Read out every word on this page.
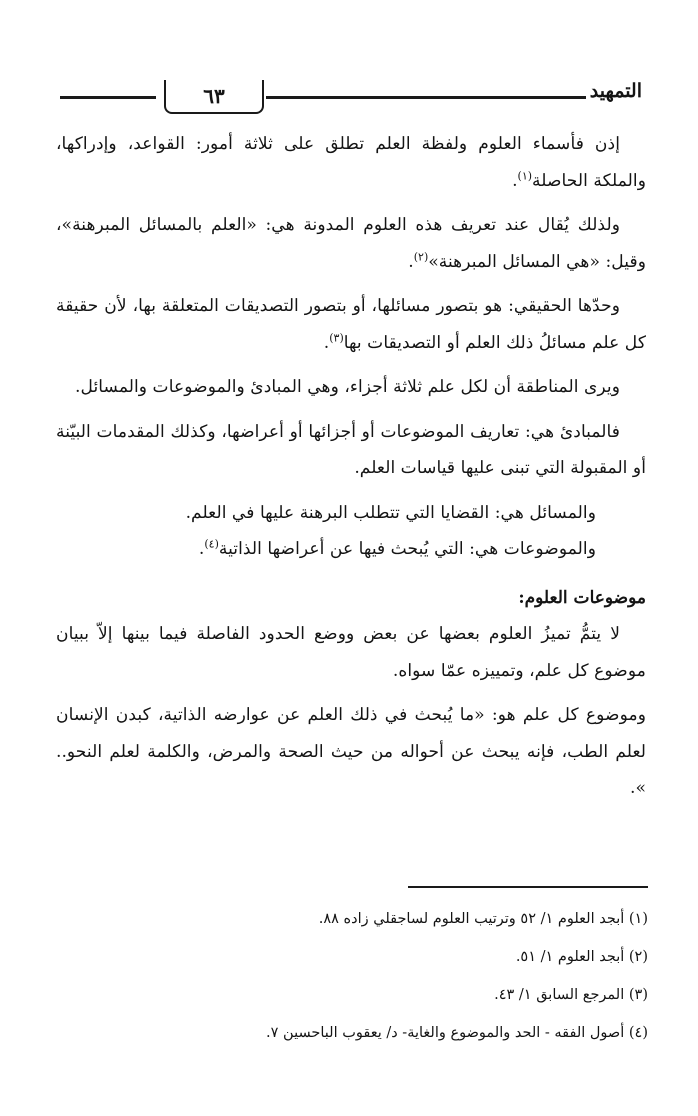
٦٣	التمهيد

إذن فأسماء العلوم ولفظة العلم تطلق على ثلاثة أمور: القواعد، وإدراكها، والملكة الحاصلة$^{(١)}$.

ولذلك يُقال عند تعريف هذه العلوم المدونة هي: «العلم بالمسائل المبرهنة»، وقيل: «هي المسائل المبرهنة»$^{(٢)}$.

وحدّها الحقيقي: هو بتصور مسائلها، أو بتصور التصديقات المتعلقة بها، لأن حقيقة كل علم مسائلُ ذلك العلم أو التصديقات بها$^{(٣)}$.

ويرى المناطقة أن لكل علم ثلاثة أجزاء، وهي المبادئ والموضوعات والمسائل.

فالمبادئ هي: تعاريف الموضوعات أو أجزائها أو أعراضها، وكذلك المقدمات البيّنة أو المقبولة التي تبنى عليها قياسات العلم.

والمسائل هي: القضايا التي تتطلب البرهنة عليها في العلم.

والموضوعات هي: التي يُبحث فيها عن أعراضها الذاتية$^{(٤)}$.

موضوعات العلوم:

لا يتمُّ تميزُ العلوم بعضها عن بعض ووضع الحدود الفاصلة فيما بينها إلاّ ببيان موضوع كل علم، وتمييزه عمّا سواه.

وموضوع كل علم هو: «ما يُبحث في ذلك العلم عن عوارضه الذاتية، كبدن الإنسان لعلم الطب، فإنه يبحث عن أحواله من حيث الصحة والمرض، والكلمة لعلم النحو.. ».

(١) أبجد العلوم ١/ ٥٢ وترتيب العلوم لساجقلي زاده ٨٨.
(٢) أبجد العلوم ١/ ٥١.
(٣) المرجع السابق ١/ ٤٣.
(٤) أصول الفقه - الحد والموضوع والغاية- د/ يعقوب الباحسين ٧.
